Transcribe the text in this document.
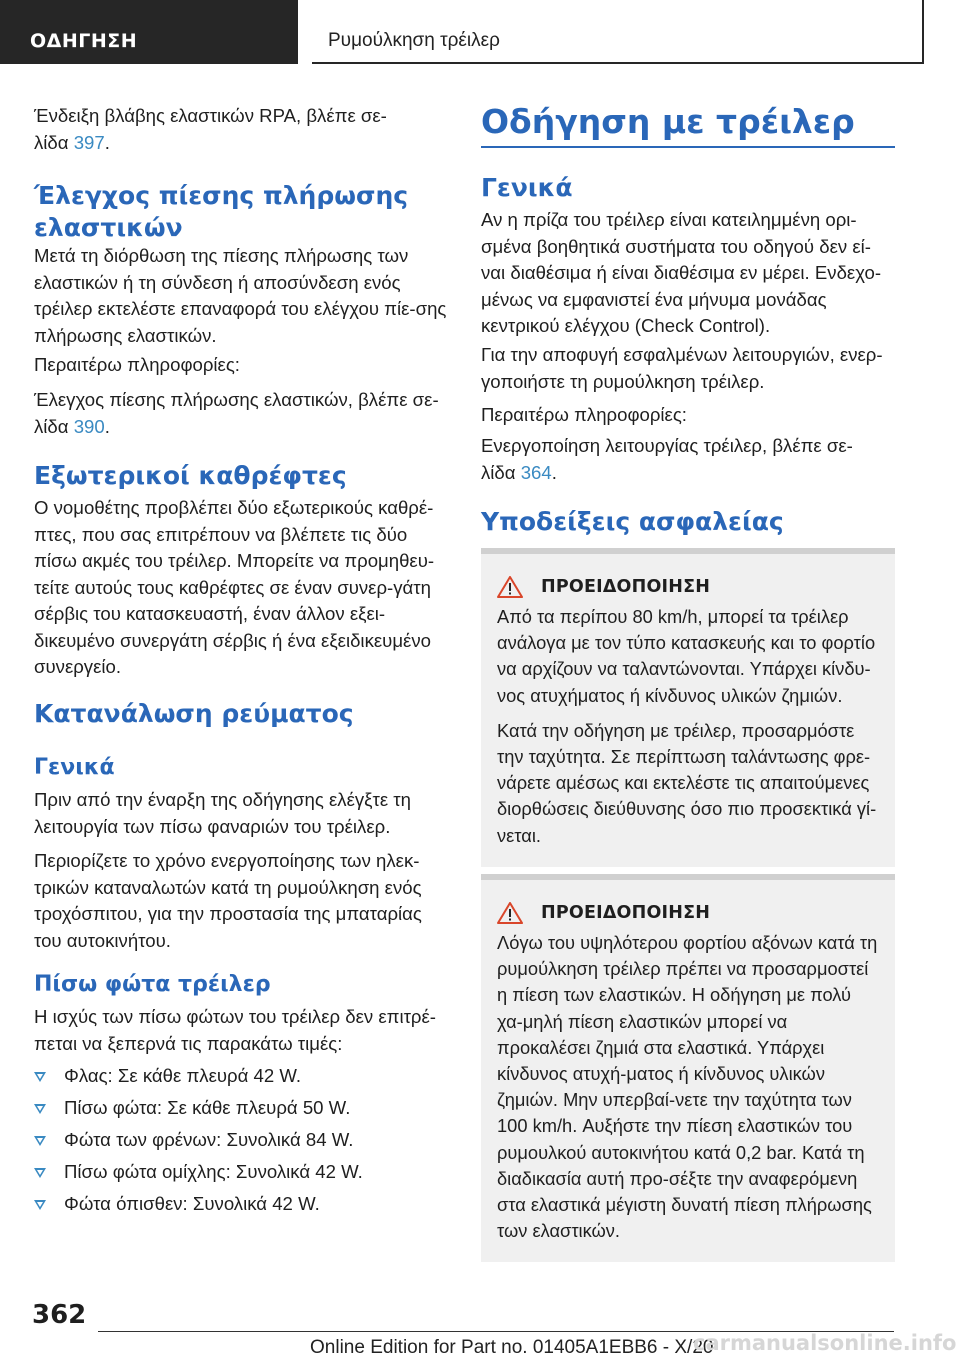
ΟΔΗΓΗΣΗ	Ρυμούλκηση τρέιλερ

Ένδειξη βλάβης ελαστικών RPA, βλέπε σε-
λίδα 397.

Έλεγχος πίεσης πλήρωσης
ελαστικών

Μετά τη διόρθωση της πίεσης πλήρωσης των ελαστικών ή τη σύνδεση ή αποσύνδεση ενός τρέιλερ εκτελέστε επαναφορά του ελέγχου πίε-σης πλήρωσης ελαστικών.

Περαιτέρω πληροφορίες:

Έλεγχος πίεσης πλήρωσης ελαστικών, βλέπε σε-
λίδα 390.

Εξωτερικοί καθρέφτες

Ο νομοθέτης προβλέπει δύο εξωτερικούς καθρέ-πτες, που σας επιτρέπουν να βλέπετε τις δύο πίσω ακμές του τρέιλερ. Μπορείτε να προμηθευ-τείτε αυτούς τους καθρέφτες σε έναν συνερ-γάτη σέρβις του κατασκευαστή, έναν άλλον εξει-δικευμένο συνεργάτη σέρβις ή ένα εξειδικευμένο συνεργείο.

Κατανάλωση ρεύματος
Γενικά

Πριν από την έναρξη της οδήγησης ελέγξτε τη λειτουργία των πίσω φαναριών του τρέιλερ.

Περιορίζετε το χρόνο ενεργοποίησης των ηλεκ-τρικών καταναλωτών κατά τη ρυμούλκηση ενός τροχόσπιτου, για την προστασία της μπαταρίας του αυτοκινήτου.

Πίσω φώτα τρέιλερ

Η ισχύς των πίσω φώτων του τρέιλερ δεν επιτρέ-πεται να ξεπερνά τις παρακάτω τιμές:

Φλας: Σε κάθε πλευρά 42 W.
Πίσω φώτα: Σε κάθε πλευρά 50 W.
Φώτα των φρένων: Συνολικά 84 W.
Πίσω φώτα ομίχλης: Συνολικά 42 W.
Φώτα όπισθεν: Συνολικά 42 W.
Οδήγηση με τρέιλερ
Γενικά

Αν η πρίζα του τρέιλερ είναι κατειλημμένη ορι-σμένα βοηθητικά συστήματα του οδηγού δεν εί-ναι διαθέσιμα ή είναι διαθέσιμα εν μέρει. Ενδεχο-μένως να εμφανιστεί ένα μήνυμα μονάδας κεντρικού ελέγχου (Check Control).

Για την αποφυγή εσφαλμένων λειτουργιών, ενερ-γοποιήστε τη ρυμούλκηση τρέιλερ.

Περαιτέρω πληροφορίες:

Ενεργοποίηση λειτουργίας τρέιλερ, βλέπε σε-
λίδα 364.

Υποδείξεις ασφαλείας
ΠΡΟΕΙΔΟΠΟΙΗΣΗ

Από τα περίπου 80 km/h, μπορεί τα τρέιλερ ανάλογα με τον τύπο κατασκευής και το φορτίο να αρχίζουν να ταλαντώνονται. Υπάρχει κίνδυ-νος ατυχήματος ή κίνδυνος υλικών ζημιών.

Κατά την οδήγηση με τρέιλερ, προσαρμόστε την ταχύτητα. Σε περίπτωση ταλάντωσης φρε-νάρετε αμέσως και εκτελέστε τις απαιτούμενες διορθώσεις διεύθυνσης όσο πιο προσεκτικά γί-νεται.

ΠΡΟΕΙΔΟΠΟΙΗΣΗ

Λόγω του υψηλότερου φορτίου αξόνων κατά τη ρυμούλκηση τρέιλερ πρέπει να προσαρμοστεί η πίεση των ελαστικών. Η οδήγηση με πολύ χα-μηλή πίεση ελαστικών μπορεί να προκαλέσει ζημιά στα ελαστικά. Υπάρχει κίνδυνος ατυχή-ματος ή κίνδυνος υλικών ζημιών. Μην υπερβαί-νετε την ταχύτητα των 100 km/h. Αυξήστε την πίεση ελαστικών του ρυμουλκού αυτοκινήτου κατά 0,2 bar. Κατά τη διαδικασία αυτή προ-σέξτε την αναφερόμενη στα ελαστικά μέγιστη δυνατή πίεση πλήρωσης των ελαστικών.

362
Online Edition for Part no. 01405A1EBB6 - X/20
carmanualsonline.info
